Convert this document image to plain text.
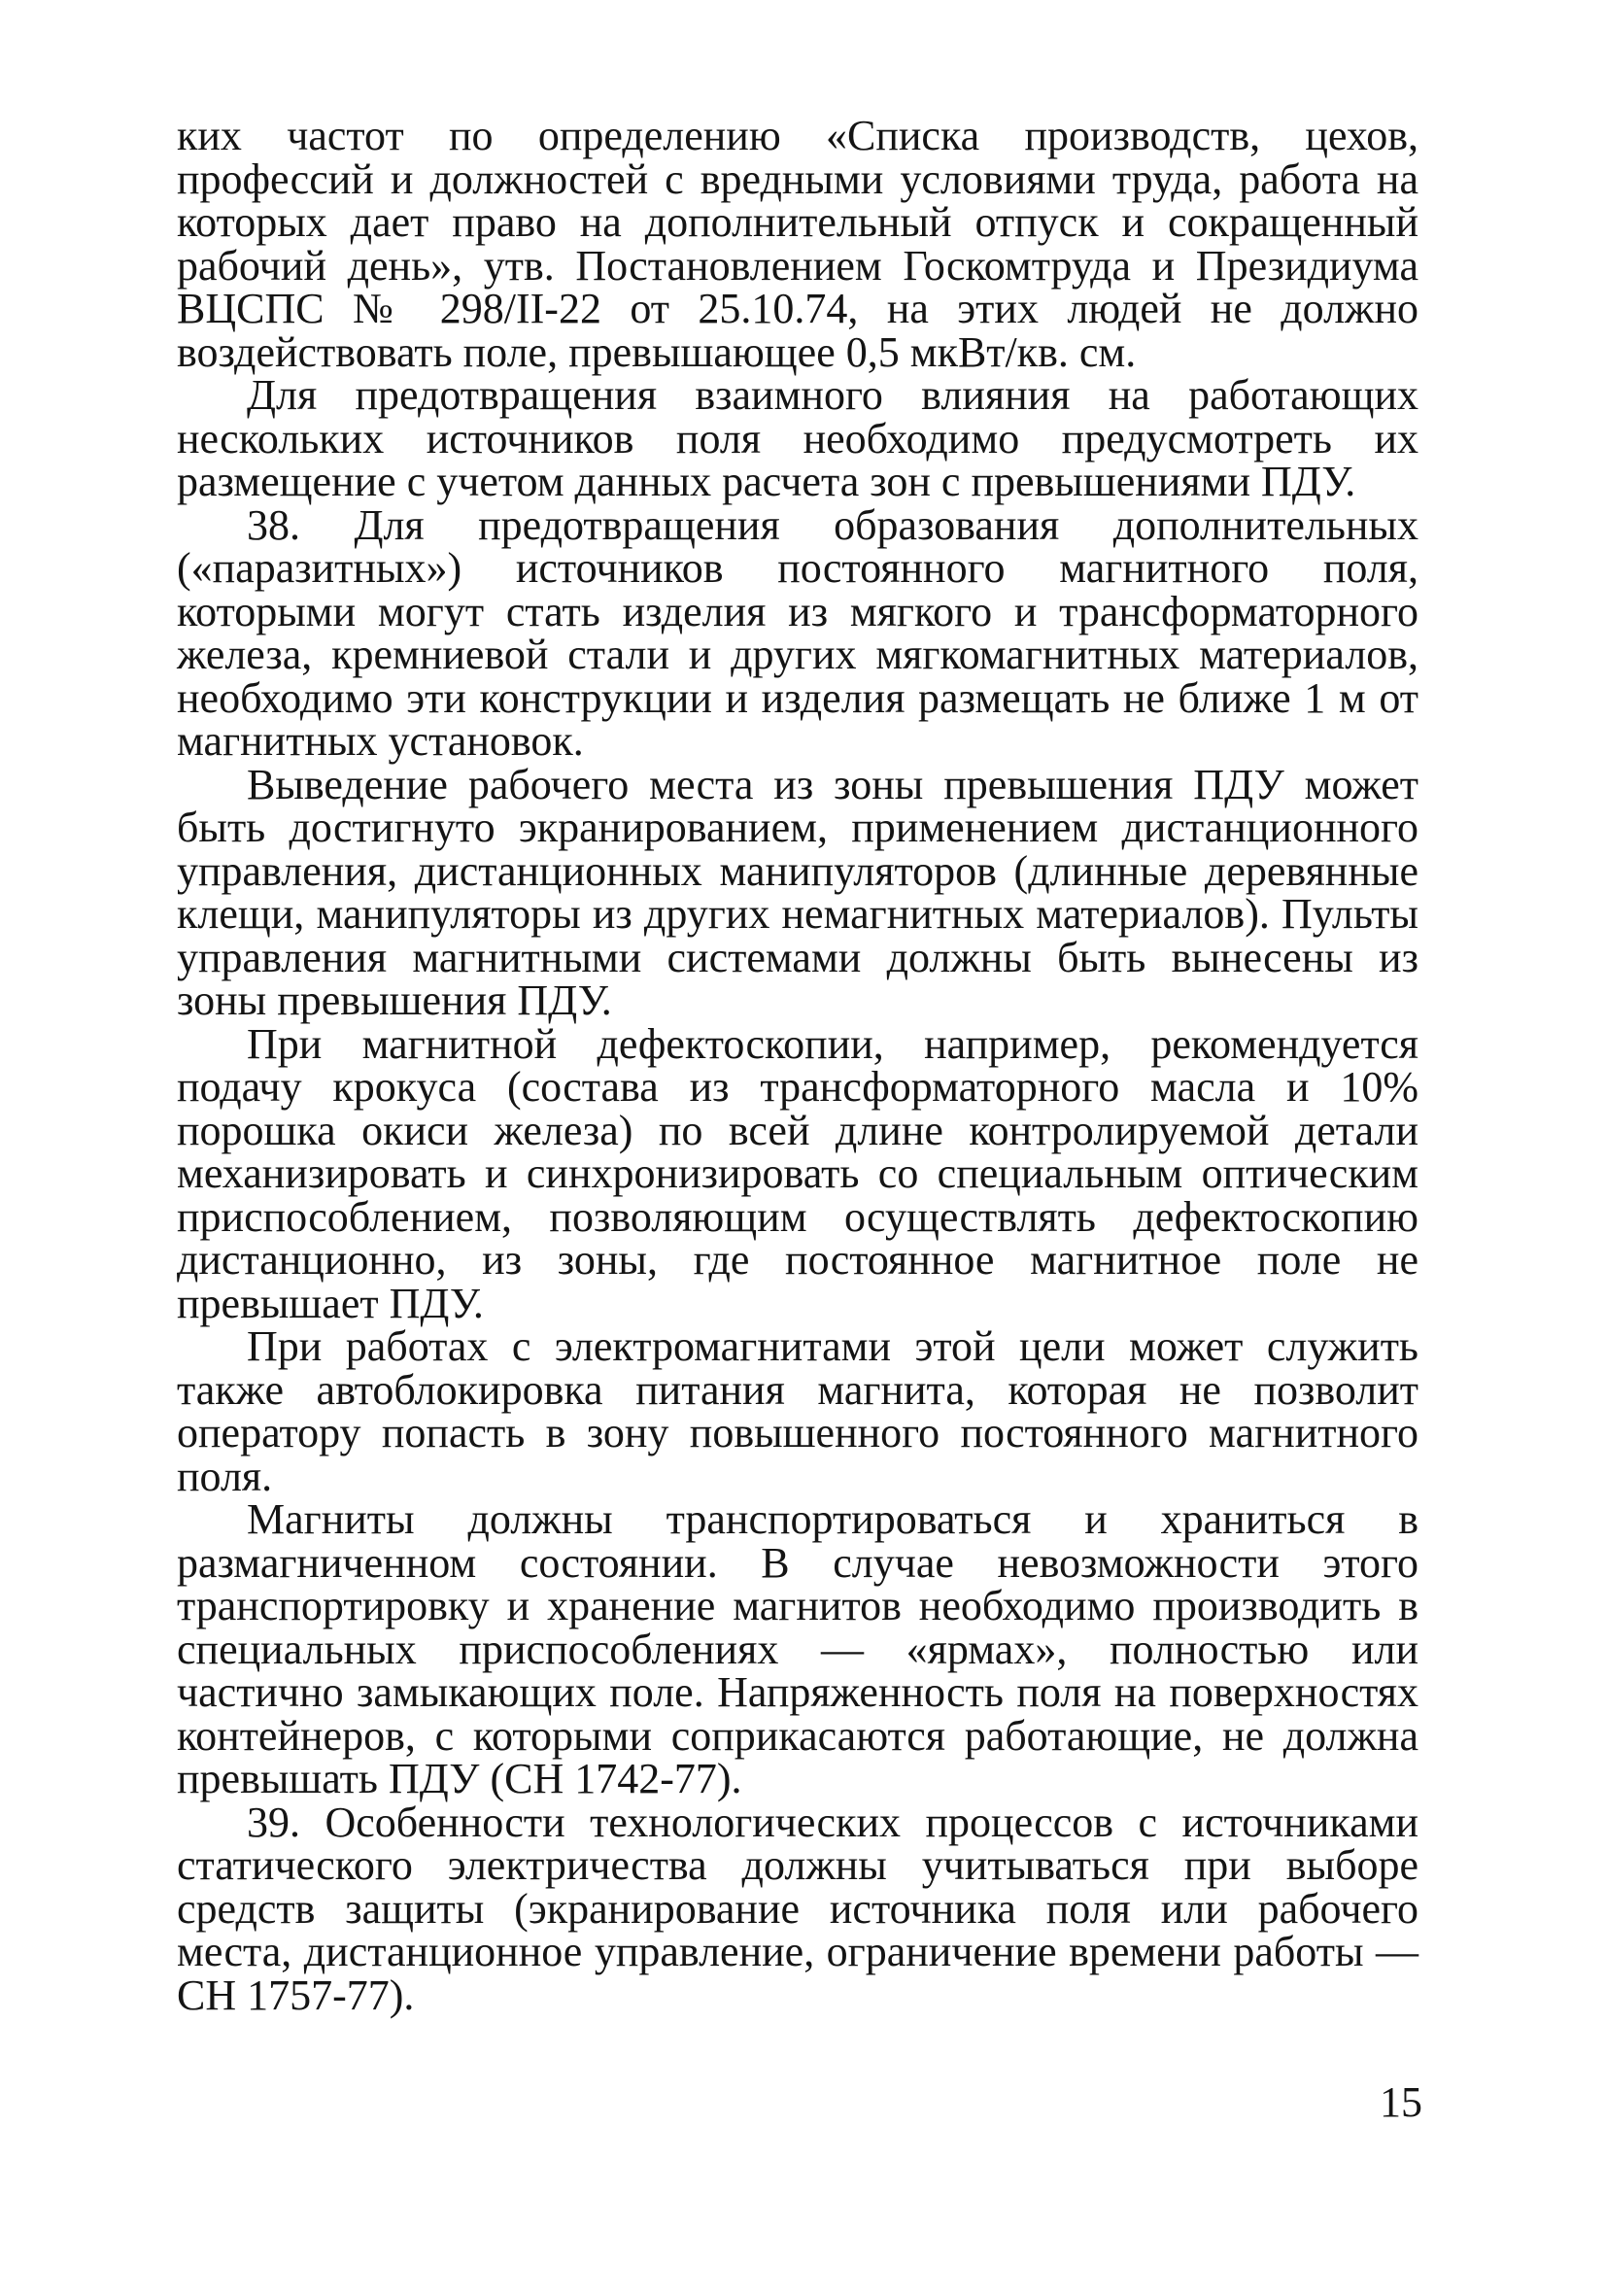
ких частот по определению «Списка производств, цехов, профессий и должностей с вредными условиями труда, работа на которых дает право на дополнительный отпуск и сокращенный рабочий день», утв. Постановлением Госкомтруда и Президиума ВЦСПС № 298/II-22 от 25.10.74, на этих людей не должно воздействовать поле, превышающее 0,5 мкВт/кв. см.

Для предотвращения взаимного влияния на работающих нескольких источников поля необходимо предусмотреть их размещение с учетом данных расчета зон с превышениями ПДУ.

38. Для предотвращения образования дополнительных («паразитных») источников постоянного магнитного поля, которыми могут стать изделия из мягкого и трансформаторного железа, кремниевой стали и других мягкомагнитных материалов, необходимо эти конструкции и изделия размещать не ближе 1 м от магнитных установок.

Выведение рабочего места из зоны превышения ПДУ может быть достигнуто экранированием, применением дистанционного управления, дистанционных манипуляторов (длинные деревянные клещи, манипуляторы из других немагнитных материалов). Пульты управления магнитными системами должны быть вынесены из зоны превышения ПДУ.

При магнитной дефектоскопии, например, рекомендуется подачу крокуса (состава из трансформаторного масла и 10% порошка окиси железа) по всей длине контролируемой детали механизировать и синхронизировать со специальным оптическим приспособлением, позволяющим осуществлять дефектоскопию дистанционно, из зоны, где постоянное магнитное поле не превышает ПДУ.

При работах с электромагнитами этой цели может служить также автоблокировка питания магнита, которая не позволит оператору попасть в зону повышенного постоянного магнитного поля.

Магниты должны транспортироваться и храниться в размагниченном состоянии. В случае невозможности этого транспортировку и хранение магнитов необходимо производить в специальных приспособлениях — «ярмах», полностью или частично замыкающих поле. Напряженность поля на поверхностях контейнеров, с которыми соприкасаются работающие, не должна превышать ПДУ (СН 1742-77).

39. Особенности технологических процессов с источниками статического электричества должны учитываться при выборе средств защиты (экранирование источника поля или рабочего места, дистанционное управление, ограничение времени работы — СН 1757-77).

15
